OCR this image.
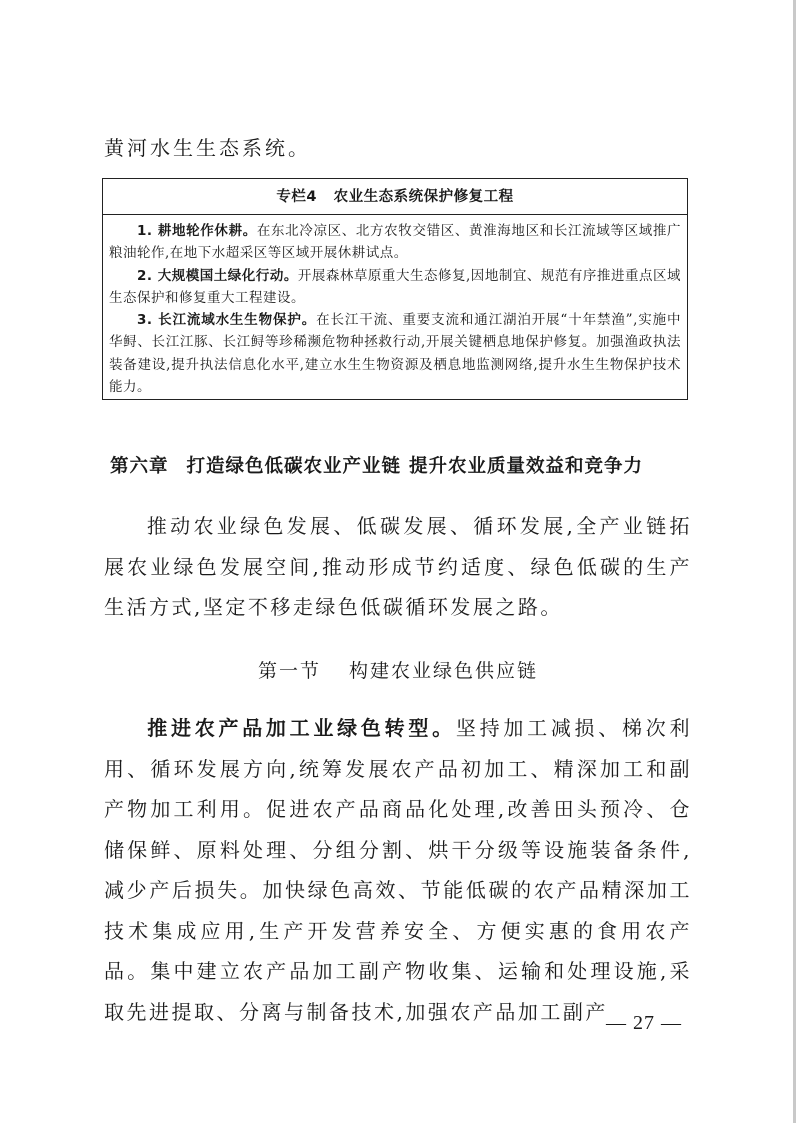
黄河水生生态系统。
专栏4 农业生态系统保护修复工程
1. 耕地轮作休耕。在东北冷凉区、北方农牧交错区、黄淮海地区和长江流域等区域推广粮油轮作,在地下水超采区等区域开展休耕试点。
2. 大规模国土绿化行动。开展森林草原重大生态修复,因地制宜、规范有序推进重点区域生态保护和修复重大工程建设。
3. 长江流域水生生物保护。在长江干流、重要支流和通江湖泊开展“十年禁渔”,实施中华鲟、长江江豚、长江鲟等珍稀濒危物种拯救行动,开展关键栖息地保护修复。加强渔政执法装备建设,提升执法信息化水平,建立水生生物资源及栖息地监测网络,提升水生生物保护技术能力。
第六章 打造绿色低碳农业产业链 提升农业质量效益和竞争力

推动农业绿色发展、低碳发展、循环发展,全产业链拓展农业绿色发展空间,推动形成节约适度、绿色低碳的生产生活方式,坚定不移走绿色低碳循环发展之路。

第一节 构建农业绿色供应链

推进农产品加工业绿色转型。坚持加工减损、梯次利用、循环发展方向,统筹发展农产品初加工、精深加工和副产物加工利用。促进农产品商品化处理,改善田头预冷、仓储保鲜、原料处理、分组分割、烘干分级等设施装备条件,减少产后损失。加快绿色高效、节能低碳的农产品精深加工技术集成应用,生产开发营养安全、方便实惠的食用农产品。集中建立农产品加工副产物收集、运输和处理设施,采取先进提取、分离与制备技术,加强农产品加工副产

— 27 —
